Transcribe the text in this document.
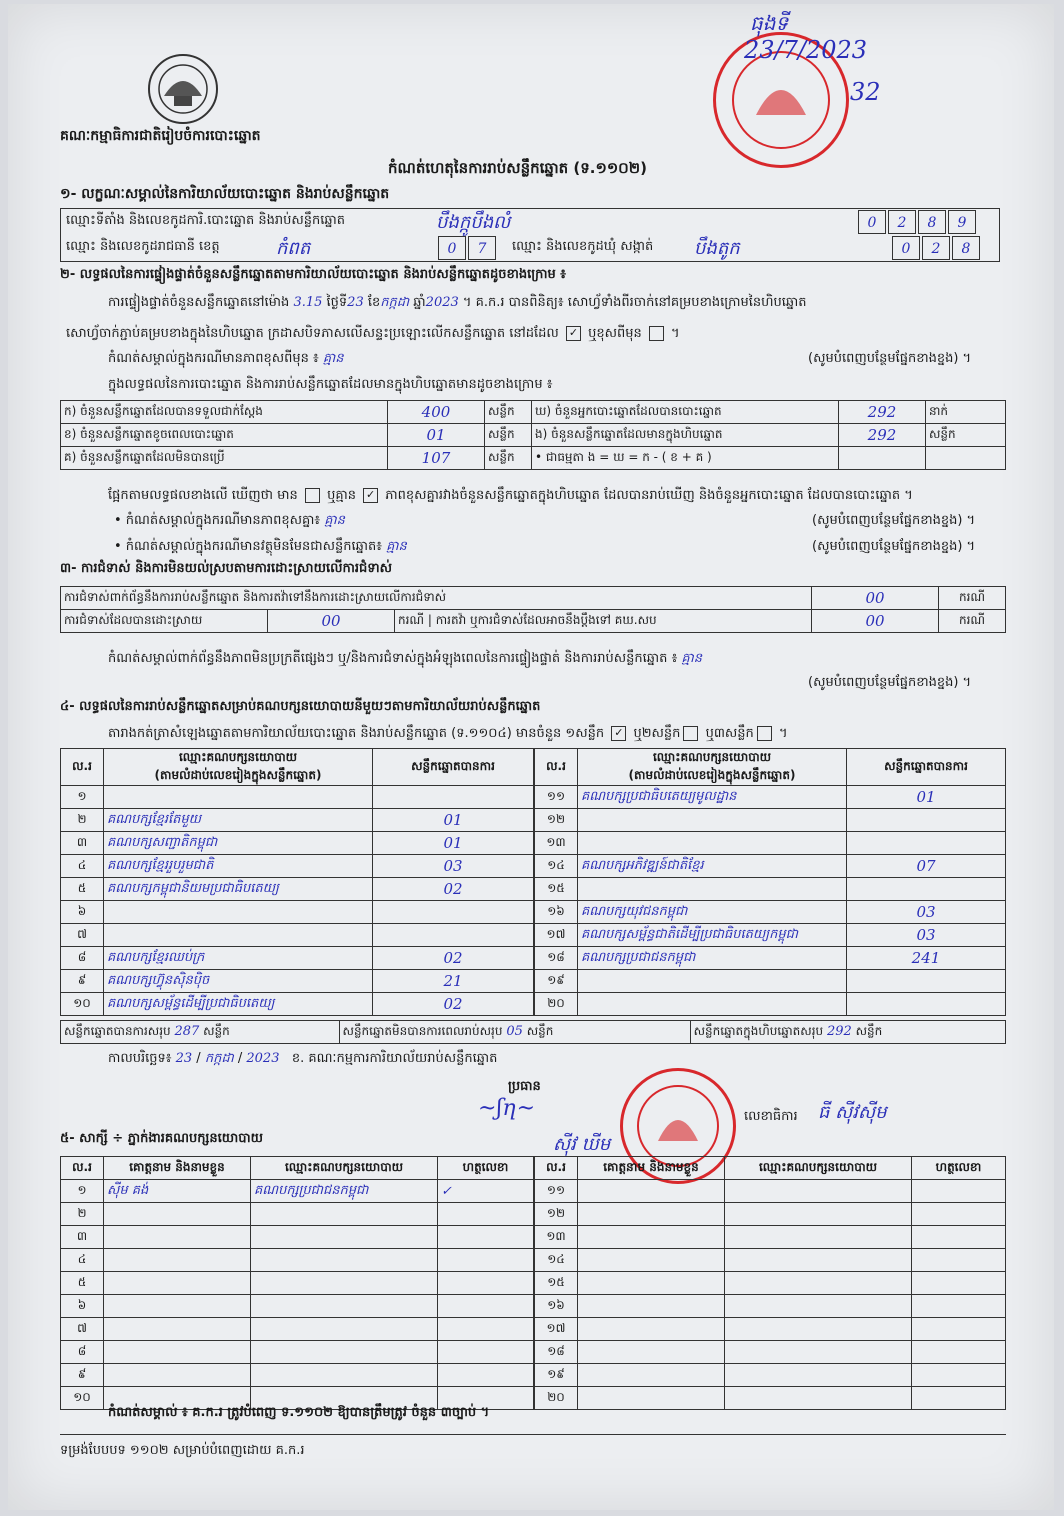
គណៈកម្មាធិការជាតិរៀបចំការបោះឆ្នោត
ធុងទី ​
23/7/2023
32
កំណត់ហេតុនៃការរាប់សន្លឹកឆ្នោត (ទ.១១០២)
១- លក្ខណៈសម្គាល់នៃការិយាល័យបោះឆ្នោត និងរាប់សន្លឹកឆ្នោត
ឈ្មោះទីតាំង និងលេខកូដការិ.បោះឆ្នោត និងរាប់សន្លឹកឆ្នោត	បឹងក្កូបឹងលំ	0	2	8	9
ឈ្មោះ និងលេខកូដរាជធានី ខេត្ត	កំពត	0	7	ឈ្មោះ និងលេខកូដឃុំ សង្កាត់ បឹងតូក	0	2	8
២- លទ្ធផលនៃការផ្ទៀងផ្ទាត់ចំនួនសន្លឹកឆ្នោតតាមការិយាល័យបោះឆ្នោត និងរាប់សន្លឹកឆ្នោតដូចខាងក្រោម ៖
ការផ្ទៀងផ្ទាត់ចំនួនសន្លឹកឆ្នោតនៅម៉ោង 3.15 ថ្ងៃទី23 ខែកក្កដា ឆ្នាំ2023 ។ គ.ក.រ បានពិនិត្យ៖ សោហ្វ័ទាំងពីរចាក់នៅគម្របខាងក្រោមនៃហិបឆ្នោត
សោហ្វ័ចាក់ភ្ជាប់គម្របខាងក្នុងនៃហិបឆ្នោត ក្រដាសបិទភាសលើសន្ទះប្រឡោះលើកសន្លឹកឆ្នោត នៅដដែល ✓ ឬខុសពីមុន  ។
កំណត់សម្គាល់ក្នុងករណីមានភាពខុសពីមុន ៖ គ្មាន	(សូមបំពេញបន្ថែមផ្នែកខាងខ្នង) ។
ក្នុងលទ្ធផលនៃការបោះឆ្នោត និងការរាប់សន្លឹកឆ្នោតដែលមានក្នុងហិបឆ្នោតមានដូចខាងក្រោម ៖
ក) ចំនួនសន្លឹកឆ្នោតដែលបានទទួលជាក់ស្តែង	400	សន្លឹក	ឃ) ចំនួនអ្នកបោះឆ្នោតដែលបានបោះឆ្នោត	292	នាក់
ខ) ចំនួនសន្លឹកឆ្នោតខូចពេលបោះឆ្នោត	01	សន្លឹក	ង) ចំនួនសន្លឹកឆ្នោតដែលមានក្នុងហិបឆ្នោត	292	សន្លឹក
គ) ចំនួនសន្លឹកឆ្នោតដែលមិនបានប្រើ	107	សន្លឹក	• ជាធម្មតា ង = ឃ = ក - ( ខ + គ )		
ផ្អែកតាមលទ្ធផលខាងលើ ឃើញថា មាន ឬគ្មាន ✓ ភាពខុសគ្នារវាងចំនួនសន្លឹកឆ្នោតក្នុងហិបឆ្នោត ដែលបានរាប់ឃើញ និងចំនួនអ្នកបោះឆ្នោត ដែលបានបោះឆ្នោត ។
• កំណត់សម្គាល់ក្នុងករណីមានភាពខុសគ្នា៖ គ្មាន	(សូមបំពេញបន្ថែមផ្នែកខាងខ្នង) ។
• កំណត់សម្គាល់ក្នុងករណីមានវត្ថុមិនមែនជាសន្លឹកឆ្នោត៖ គ្មាន	(សូមបំពេញបន្ថែមផ្នែកខាងខ្នង) ។
៣- ការជំទាស់ និងការមិនយល់ស្របតាមការដោះស្រាយលើការជំទាស់
ការជំទាស់ពាក់ព័ន្ធនឹងការរាប់សន្លឹកឆ្នោត និងការតវ៉ាទៅនឹងការដោះស្រាយលើការជំទាស់			00	ករណី
ការជំទាស់ដែលបានដោះស្រាយ	00	ករណី | ការតវ៉ា ឬការជំទាស់ដែលអាចនឹងប្តឹងទៅ គឃ.សប	00	ករណី
កំណត់សម្គាល់ពាក់ព័ន្ធនឹងភាពមិនប្រក្រតីផ្សេងៗ ឬ/និងការជំទាស់ក្នុងអំឡុងពេលនៃការផ្ទៀងផ្ទាត់ និងការរាប់សន្លឹកឆ្នោត ៖ គ្មាន
(សូមបំពេញបន្ថែមផ្នែកខាងខ្នង) ។
៤- លទ្ធផលនៃការរាប់សន្លឹកឆ្នោតសម្រាប់គណបក្សនយោបាយនីមួយៗតាមការិយាល័យរាប់សន្លឹកឆ្នោត
តារាងកត់ត្រាសំឡេងឆ្នោតតាមការិយាល័យបោះឆ្នោត និងរាប់សន្លឹកឆ្នោត (ទ.១១០៤) មានចំនួន ១សន្លឹក ✓ ឬ២សន្លឹក ឬ៣សន្លឹក ។
ល.រ	ឈ្មោះគណបក្សនយោបាយ
(តាមលំដាប់លេខរៀងក្នុងសន្លឹកឆ្នោត)	សន្លឹកឆ្នោតបានការ
១		
២	គណបក្សខ្មែរតែមួយ	01
៣	គណបក្សសញ្ជាតិកម្ពុជា	01
៤	គណបក្សខ្មែររួបរួមជាតិ	03
៥	គណបក្សកម្ពុជានិយមប្រជាធិបតេយ្យ	02
៦		
៧		
៨	គណបក្សខ្មែរឈប់ក្រ	02
៩	គណបក្សហ៊្វុនស៊ិនប៉ិច	21
១០	គណបក្សសម្ព័ន្ធដើម្បីប្រជាធិបតេយ្យ	02
ល.រ	ឈ្មោះគណបក្សនយោបាយ
(តាមលំដាប់លេខរៀងក្នុងសន្លឹកឆ្នោត)	សន្លឹកឆ្នោតបានការ
១១	គណបក្សប្រជាធិបតេយ្យមូលដ្ឋាន	01
១២		
១៣		
១៤	គណបក្សអភិវឌ្ឍន៍ជាតិខ្មែរ	07
១៥		
១៦	គណបក្សយុវជនកម្ពុជា	03
១៧	គណបក្សសម្ព័ន្ធជាតិដើម្បីប្រជាធិបតេយ្យកម្ពុជា	03
១៨	គណបក្សប្រជាជនកម្ពុជា	241
១៩		
២០		
សន្លឹកឆ្នោតបានការសរុប 287 សន្លឹក	សន្លឹកឆ្នោតមិនបានការពេលរាប់សរុប 05 សន្លឹក	សន្លឹកឆ្នោតក្នុងហិបឆ្នោតសរុប 292 សន្លឹក
កាលបរិច្ឆេទ៖ 23 / កក្កដា / 2023 ខ. គណៈកម្មការការិយាល័យរាប់សន្លឹកឆ្នោត
ប្រធាន
~ʃƞ~
ស៊ីវ ឃីម
លេខាធិការ ធី ស៊ីវស៊ីម
៥- សាក្សី ÷ ភ្នាក់ងារគណបក្សនយោបាយ
ល.រ	គោត្តនាម និងនាមខ្លួន	ឈ្មោះគណបក្សនយោបាយ	ហត្ថលេខា
១	ស៊ីម គង់	គណបក្សប្រជាជនកម្ពុជា	✓
២			
៣			
៤			
៥			
៦			
៧			
៨			
៩			
១០			
ល.រ	គោត្តនាម និងនាមខ្លួន	ឈ្មោះគណបក្សនយោបាយ	ហត្ថលេខា
១១			
១២			
១៣			
១៤			
១៥			
១៦			
១៧			
១៨			
១៩			
២០			
កំណត់សម្គាល់ ៖ គ.ក.រ ត្រូវបំពេញ ទ.១១០២ ឱ្យបានត្រឹមត្រូវ ចំនួន ៣ច្បាប់ ។
ទម្រង់បែបបទ ១១០២ សម្រាប់បំពេញដោយ គ.ក.រ
